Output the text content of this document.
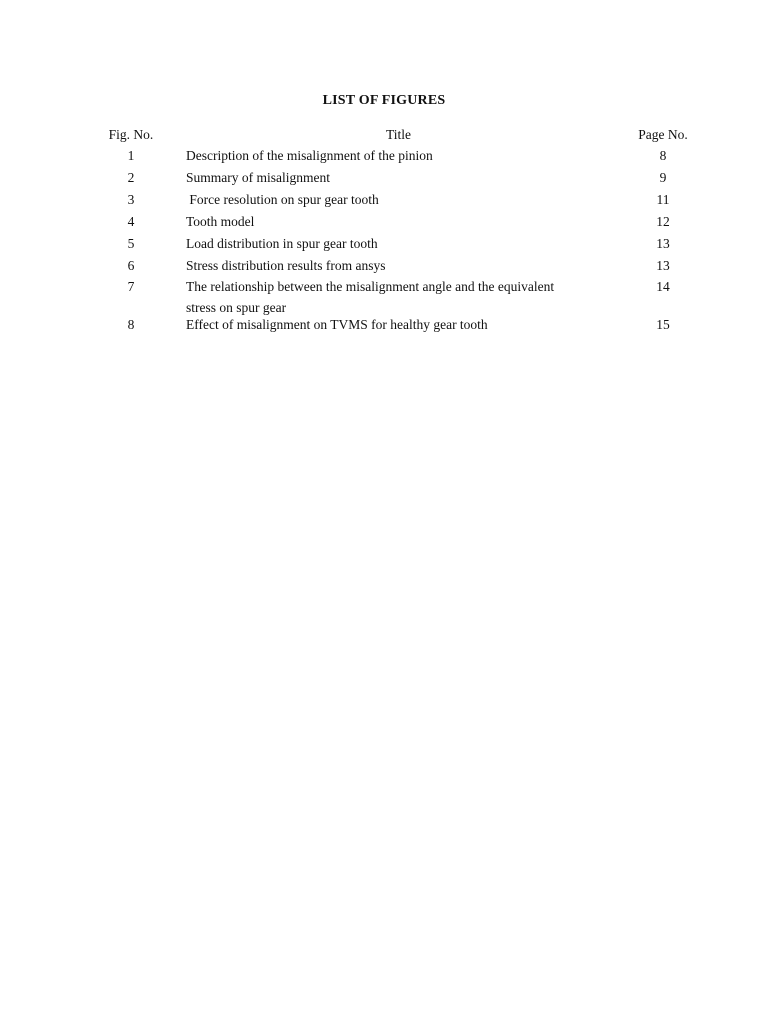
LIST OF FIGURES
Fig. No.	Title	Page No.
1	Description of the misalignment of the pinion	8
2	Summary of misalignment	9
3	Force resolution on spur gear tooth	11
4	Tooth model	12
5	Load distribution in spur gear tooth	13
6	Stress distribution results from ansys	13
7	The relationship between the misalignment angle and the equivalent	14
stress on spur gear
8	Effect of misalignment on TVMS for healthy gear tooth	15
